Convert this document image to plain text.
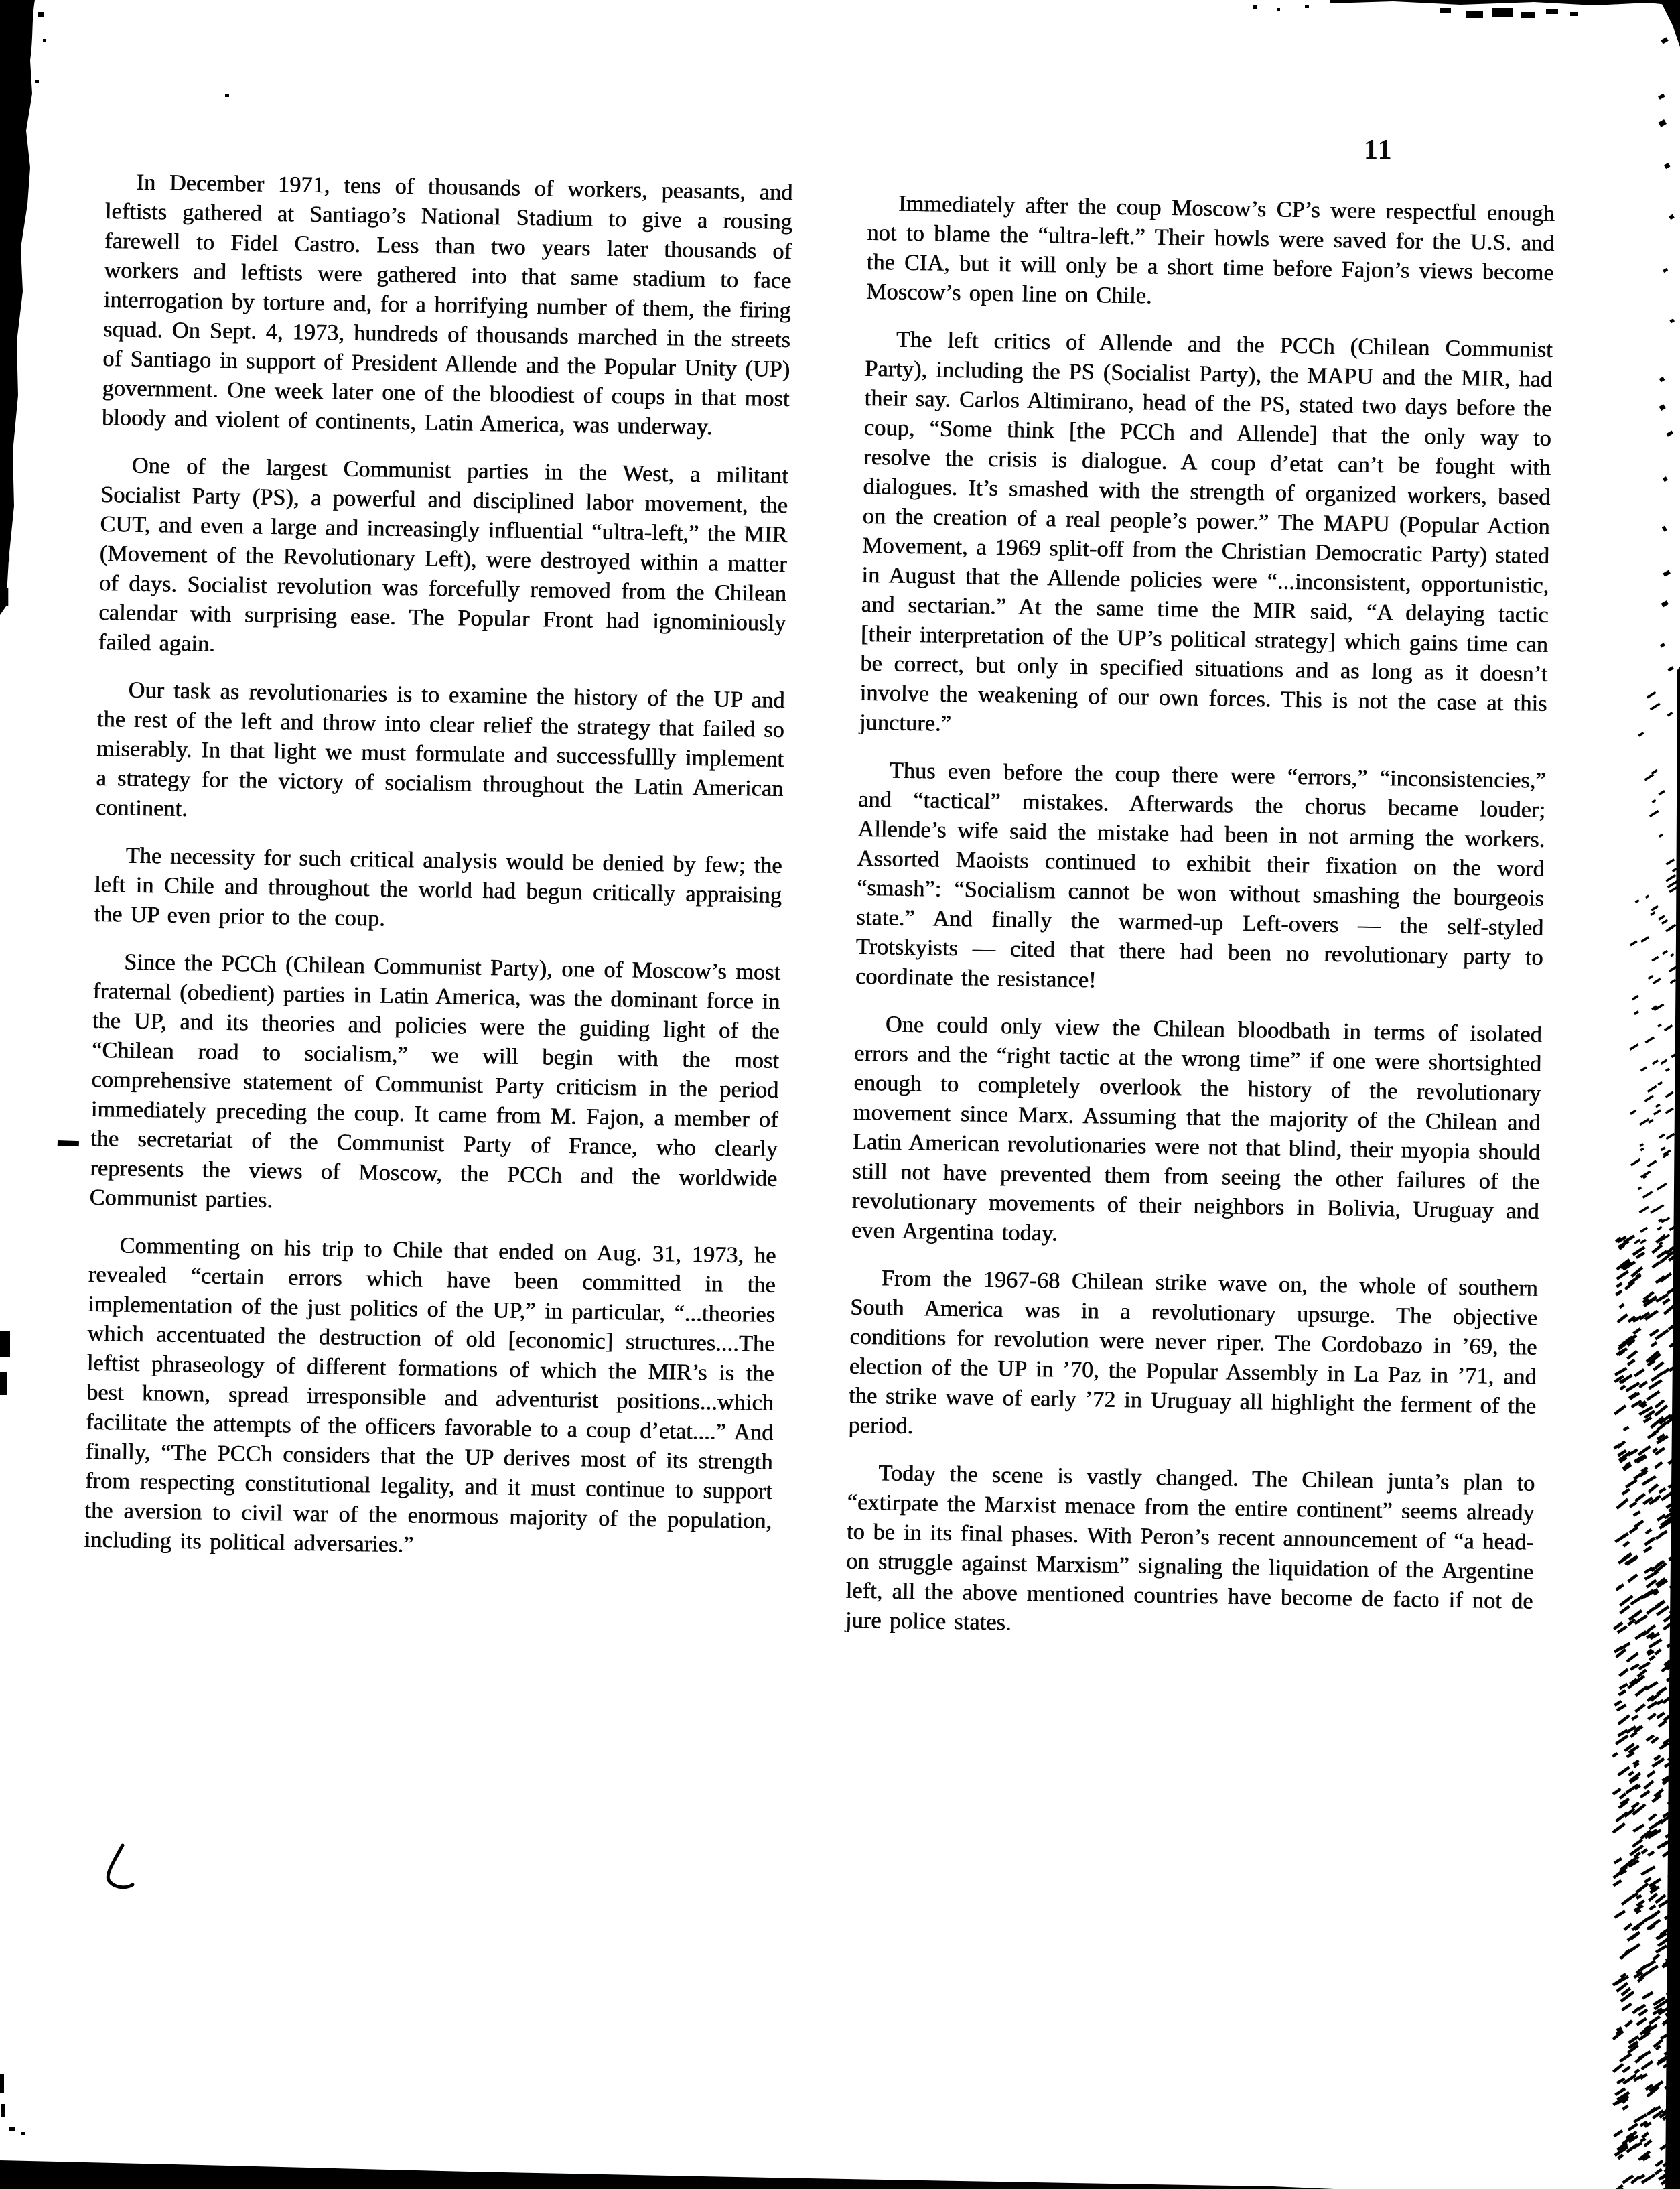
11

In December 1971, tens of thousands of workers, peasants, and leftists gathered at Santiago’s National Stadium to give a rousing farewell to Fidel Castro. Less than two years later thousands of workers and leftists were gathered into that same stadium to face interrogation by torture and, for a horrifying number of them, the firing squad. On Sept. 4, 1973, hundreds of thousands marched in the streets of Santiago in support of President Allende and the Popular Unity (UP) government. One week later one of the bloodiest of coups in that most bloody and violent of continents, Latin America, was underway.

One of the largest Communist parties in the West, a militant Socialist Party (PS), a powerful and disciplined labor movement, the CUT, and even a large and increasingly influential “ultra-left,” the MIR (Movement of the Revolutionary Left), were destroyed within a matter of days. Socialist revolution was forcefully removed from the Chilean calendar with surprising ease. The Popular Front had ignominiously failed again.

Our task as revolutionaries is to examine the history of the UP and the rest of the left and throw into clear relief the strategy that failed so miserably. In that light we must formulate and successfullly implement a strategy for the victory of socialism throughout the Latin American continent.

The necessity for such critical analysis would be denied by few; the left in Chile and throughout the world had begun critically appraising the UP even prior to the coup.

Since the PCCh (Chilean Communist Party), one of Moscow’s most fraternal (obedient) parties in Latin America, was the dominant force in the UP, and its theories and policies were the guiding light of the “Chilean road to socialism,” we will begin with the most comprehensive statement of Communist Party criticism in the period immediately preceding the coup. It came from M. Fajon, a member of the secretariat of the Communist Party of France, who clearly represents the views of Moscow, the PCCh and the worldwide Communist parties.

Commenting on his trip to Chile that ended on Aug. 31, 1973, he revealed “certain errors which have been committed in the implementation of the just politics of the UP,” in particular, “...theories which accentuated the destruction of old [economic] structures....The leftist phraseology of different formations of which the MIR’s is the best known, spread irresponsible and adventurist positions...which facilitate the attempts of the officers favorable to a coup d’etat....” And finally, “The PCCh considers that the UP derives most of its strength from respecting constitutional legality, and it must continue to support the aversion to civil war of the enormous majority of the population, including its political adversaries.”

Immediately after the coup Moscow’s CP’s were respectful enough not to blame the “ultra-left.” Their howls were saved for the U.S. and the CIA, but it will only be a short time before Fajon’s views become Moscow’s open line on Chile.

The left critics of Allende and the PCCh (Chilean Communist Party), including the PS (Socialist Party), the MAPU and the MIR, had their say. Carlos Altimirano, head of the PS, stated two days before the coup, “Some think [the PCCh and Allende] that the only way to resolve the crisis is dialogue. A coup d’etat can’t be fought with dialogues. It’s smashed with the strength of organized workers, based on the creation of a real people’s power.” The MAPU (Popular Action Movement, a 1969 split-off from the Christian Democratic Party) stated in August that the Allende policies were “...inconsistent, opportunistic, and sectarian.” At the same time the MIR said, “A delaying tactic [their interpretation of the UP’s political strategy] which gains time can be correct, but only in specified situations and as long as it doesn’t involve the weakening of our own forces. This is not the case at this juncture.”

Thus even before the coup there were “errors,” “inconsistencies,” and “tactical” mistakes. Afterwards the chorus became louder; Allende’s wife said the mistake had been in not arming the workers. Assorted Maoists continued to exhibit their fixation on the word “smash”: “Socialism cannot be won without smashing the bourgeois state.” And finally the warmed-up Left-overs — the self-styled Trotskyists — cited that there had been no revolutionary party to coordinate the resistance!

One could only view the Chilean bloodbath in terms of isolated errors and the “right tactic at the wrong time” if one were shortsighted enough to completely overlook the history of the revolutionary movement since Marx. Assuming that the majority of the Chilean and Latin American revolutionaries were not that blind, their myopia should still not have prevented them from seeing the other failures of the revolutionary movements of their neighbors in Bolivia, Uruguay and even Argentina today.

From the 1967-68 Chilean strike wave on, the whole of southern South America was in a revolutionary upsurge. The objective conditions for revolution were never riper. The Cordobazo in ’69, the election of the UP in ’70, the Popular Assembly in La Paz in ’71, and the strike wave of early ’72 in Uruguay all highlight the ferment of the period.

Today the scene is vastly changed. The Chilean junta’s plan to “extirpate the Marxist menace from the entire continent” seems already to be in its final phases. With Peron’s recent announcement of “a head-on struggle against Marxism” signaling the liquidation of the Argentine left, all the above mentioned countries have become de facto if not de jure police states.
